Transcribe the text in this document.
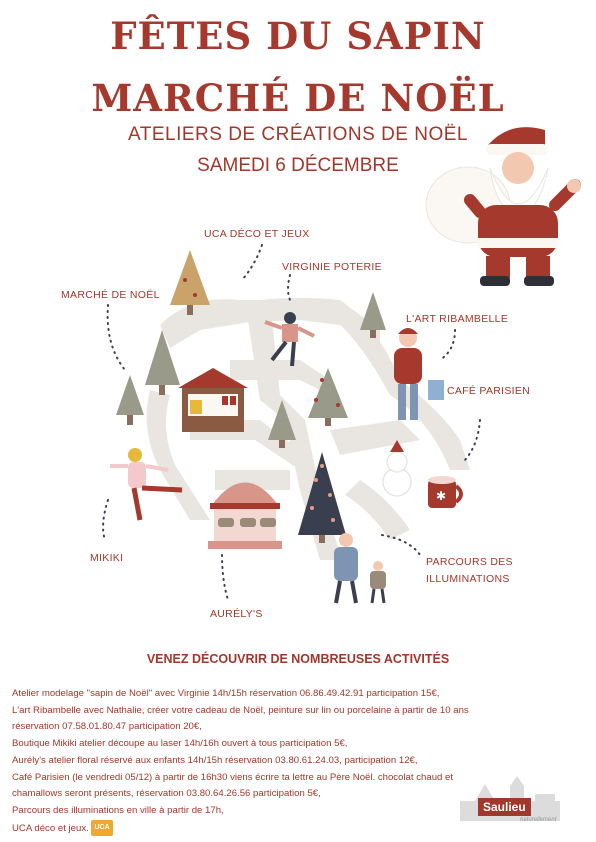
FÊTES DU SAPIN
MARCHÉ DE NOËL
ATELIERS DE CRÉATIONS DE NOËL
SAMEDI 6 DÉCEMBRE
✱
UCA DÉCO ET JEUX
VIRGINIE POTERIE
MARCHÉ DE NOËL
L'ART RIBAMBELLE
CAFÉ PARISIEN
MIKIKI	PARCOURS DES
ILLUMINATIONS
AURÉLY'S
VENEZ DÉCOUVRIR DE NOMBREUSES ACTIVITÉS
Atelier modelage "sapin de Noël" avec Virginie 14h/15h réservation 06.86.49.42.91 participation 15€,
L'art Ribambelle avec Nathalie, créer votre cadeau de Noël, peinture sur lin ou porcelaine à partir de 10 ans
réservation 07.58.01.80.47 participation 20€,
Boutique Mikiki atelier découpe au laser 14h/16h ouvert à tous participation 5€,
Aurély's atelier floral réservé aux enfants 14h/15h réservation 03.80.61.24.03, participation 12€,
Café Parisien (le vendredi 05/12) à partir de 16h30 viens écrire ta lettre au Père Noël. chocolat chaud et
chamallows seront présents, réservation 03.80.64.26.56 participation 5€,
Parcours des illuminations en ville à partir de 17h,
UCA déco et jeux. UCA
Saulieu
naturellement
